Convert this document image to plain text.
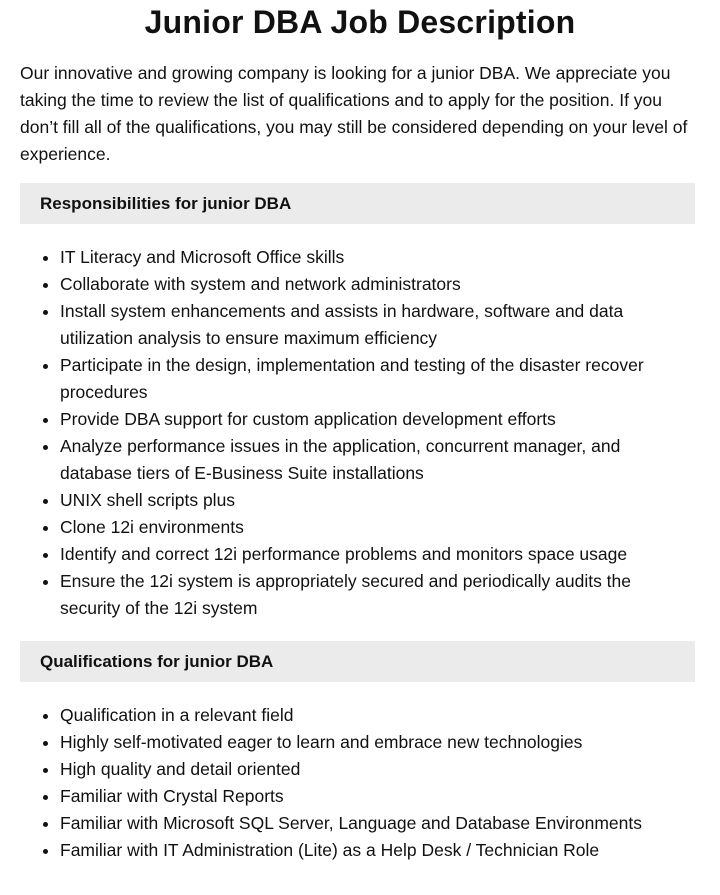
Junior DBA Job Description

Our innovative and growing company is looking for a junior DBA. We appreciate you taking the time to review the list of qualifications and to apply for the position. If you don’t fill all of the qualifications, you may still be considered depending on your level of experience.

Responsibilities for junior DBA
• IT Literacy and Microsoft Office skills
• Collaborate with system and network administrators
• Install system enhancements and assists in hardware, software and data utilization analysis to ensure maximum efficiency
• Participate in the design, implementation and testing of the disaster recover procedures
• Provide DBA support for custom application development efforts
• Analyze performance issues in the application, concurrent manager, and database tiers of E-Business Suite installations
• UNIX shell scripts plus
• Clone 12i environments
• Identify and correct 12i performance problems and monitors space usage
• Ensure the 12i system is appropriately secured and periodically audits the security of the 12i system
Qualifications for junior DBA
• Qualification in a relevant field
• Highly self-motivated eager to learn and embrace new technologies
• High quality and detail oriented
• Familiar with Crystal Reports
• Familiar with Microsoft SQL Server, Language and Database Environments
• Familiar with IT Administration (Lite) as a Help Desk / Technician Role
